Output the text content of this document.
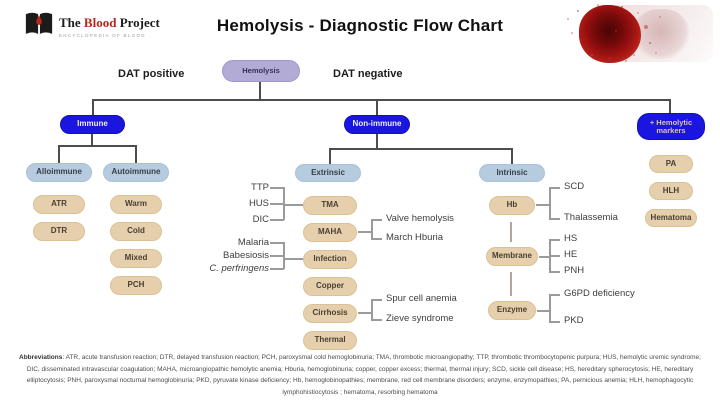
The Blood Project
ENCYCLOPEDIA OF BLOOD
Hemolysis - Diagnostic Flow Chart
DAT positive	DAT negative
Hemolysis
Immune	Non-immune	+ Hemolytic markers
Alloimmune	Autoimmune	Extrinsic	Intrinsic
ATR
DTR
Warm
Cold
Mixed
PCH
TMA
MAHA
Infection
Copper
Cirrhosis
Thermal
TTP
HUS
DIC
Malaria
Babesiosis
C. perfringens
Valve hemolysis
March Hburia
Spur cell anemia
Zieve syndrome
Hb
Membrane
Enzyme
SCD
Thalassemia
HS
HE
PNH
G6PD deficiency
PKD
PA
HLH
Hematoma
Abbreviations: ATR, acute transfusion reaction; DTR, delayed transfusion reaction; PCH, paroxysmal cold hemoglobinuria; TMA, thrombotic microangiopathy; TTP, thrombotic thrombocytopenic purpura; HUS, hemolytic uremic syndrome; DIC, disseminated intravascular coagulation; MAHA, microangiopathic hemolytic anemia; Hburia, hemoglobinuria; copper, copper excess; thermal, thermal injury; SCD, sickle cell disease; HS, hereditary spherocytosis; HE, hereditary elliptocytosis; PNH, paroxysmal nocturnal hemoglobinuria; PKD, pyruvate kinase deficiency; Hb, hemoglobinopathies; membrane, red cell membrane disorders; enzyme, enzymopathies; PA, pernicious anemia; HLH, hemophagocytic lymphohistiocytosis ; hematoma, resorbing hematoma
